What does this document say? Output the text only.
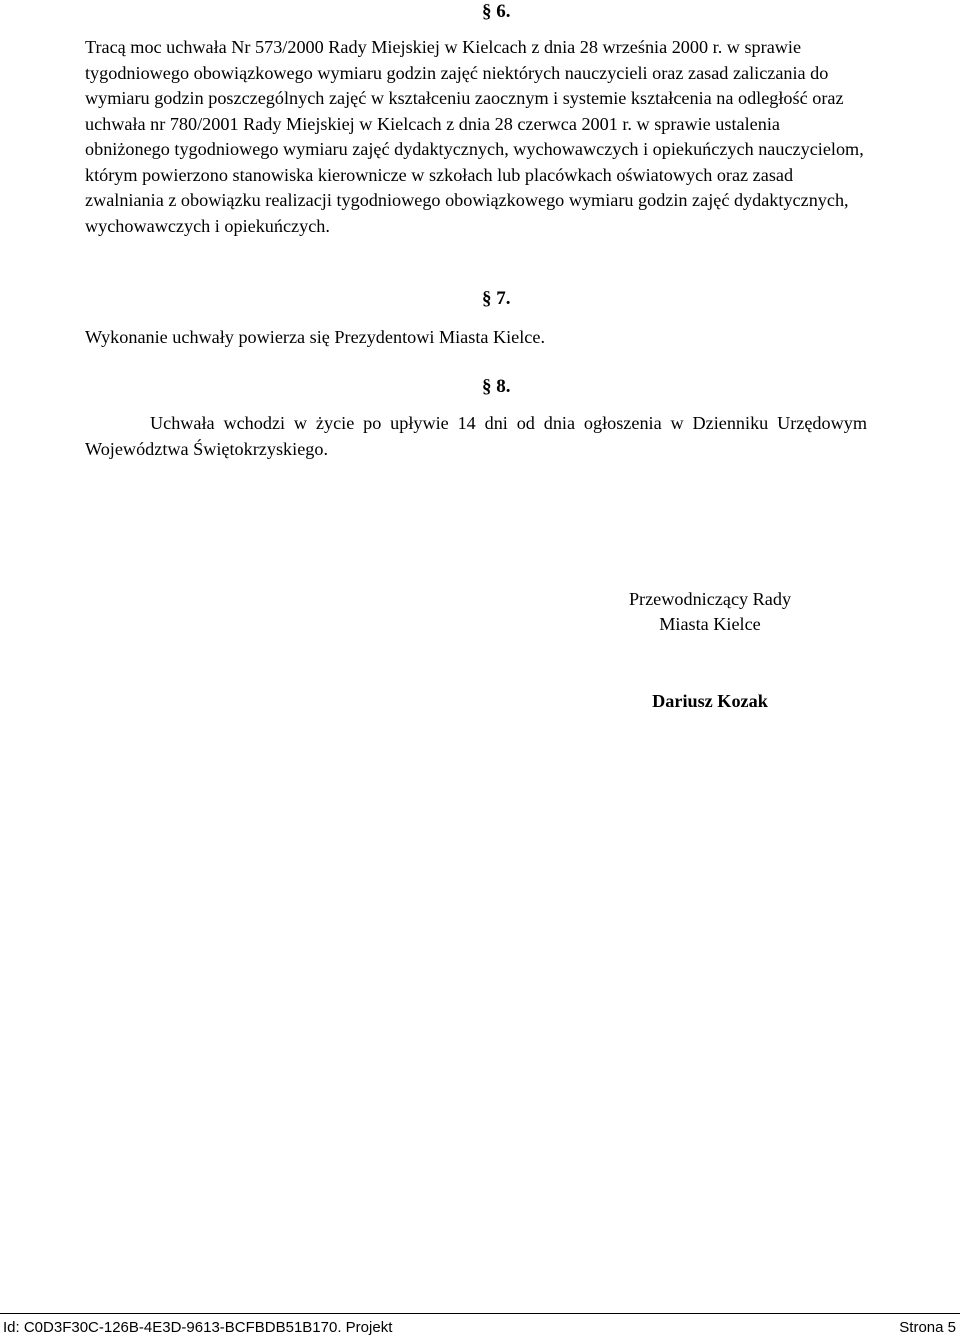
§ 6.

Tracą moc uchwała Nr 573/2000 Rady Miejskiej w Kielcach z dnia 28 września 2000 r. w sprawie tygodniowego obowiązkowego wymiaru godzin zajęć niektórych nauczycieli oraz zasad zaliczania do wymiaru godzin poszczególnych zajęć w kształceniu zaocznym i systemie kształcenia na odległość oraz uchwała nr 780/2001 Rady Miejskiej w Kielcach z dnia 28 czerwca 2001 r. w sprawie ustalenia obniżonego tygodniowego wymiaru zajęć dydaktycznych, wychowawczych i opiekuńczych nauczycielom, którym powierzono stanowiska kierownicze w szkołach lub placówkach oświatowych oraz zasad zwalniania z obowiązku realizacji tygodniowego obowiązkowego wymiaru godzin zajęć dydaktycznych, wychowawczych i opiekuńczych.

§ 7.

Wykonanie uchwały powierza się Prezydentowi Miasta Kielce.

§ 8.

Uchwała wchodzi w życie po upływie 14 dni od dnia ogłoszenia w Dzienniku Urzędowym Województwa Świętokrzyskiego.

Przewodniczący Rady
Miasta Kielce
Dariusz Kozak
Id: C0D3F30C-126B-4E3D-9613-BCFBDB51B170. Projekt	Strona 5
